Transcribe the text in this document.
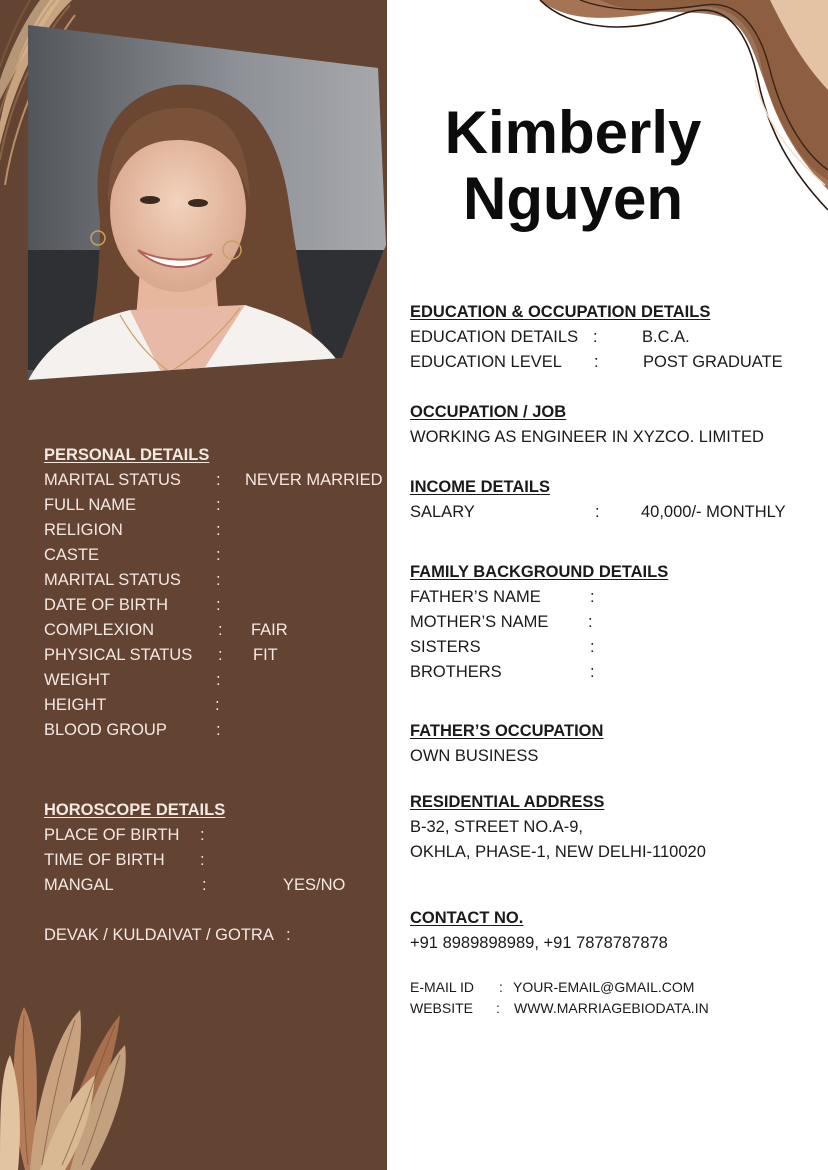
Kimberly
Nguyen
PERSONAL DETAILS
MARITAL STATUS : NEVER MARRIED
FULL NAME	:
RELIGION	:
CASTE	:
MARITAL STATUS :
DATE OF BIRTH	:
COMPLEXION	: FAIR
PHYSICAL STATUS : FIT
WEIGHT	:
HEIGHT	:
BLOOD GROUP	:
HOROSCOPE DETAILS
PLACE OF BIRTH :
TIME OF BIRTH :
MANGAL	:	YES/NO
DEVAK / KULDAIVAT / GOTRA :
EDUCATION & OCCUPATION DETAILS
EDUCATION DETAILS :	B.C.A.
EDUCATION LEVEL :	POST GRADUATE
OCCUPATION / JOB
WORKING AS ENGINEER IN XYZCO. LIMITED
INCOME DETAILS
SALARY	:	40,000/- MONTHLY
FAMILY BACKGROUND DETAILS
FATHER’S NAME	:
MOTHER’S NAME :
SISTERS	:
BROTHERS	:
FATHER’S OCCUPATION
OWN BUSINESS
RESIDENTIAL ADDRESS
B-32, STREET NO.A-9,
OKHLA, PHASE-1, NEW DELHI-110020
CONTACT NO.
+91 8989898989, +91 7878787878
E-MAIL ID : YOUR-EMAIL@GMAIL.COM
WEBSITE : WWW.MARRIAGEBIODATA.IN
